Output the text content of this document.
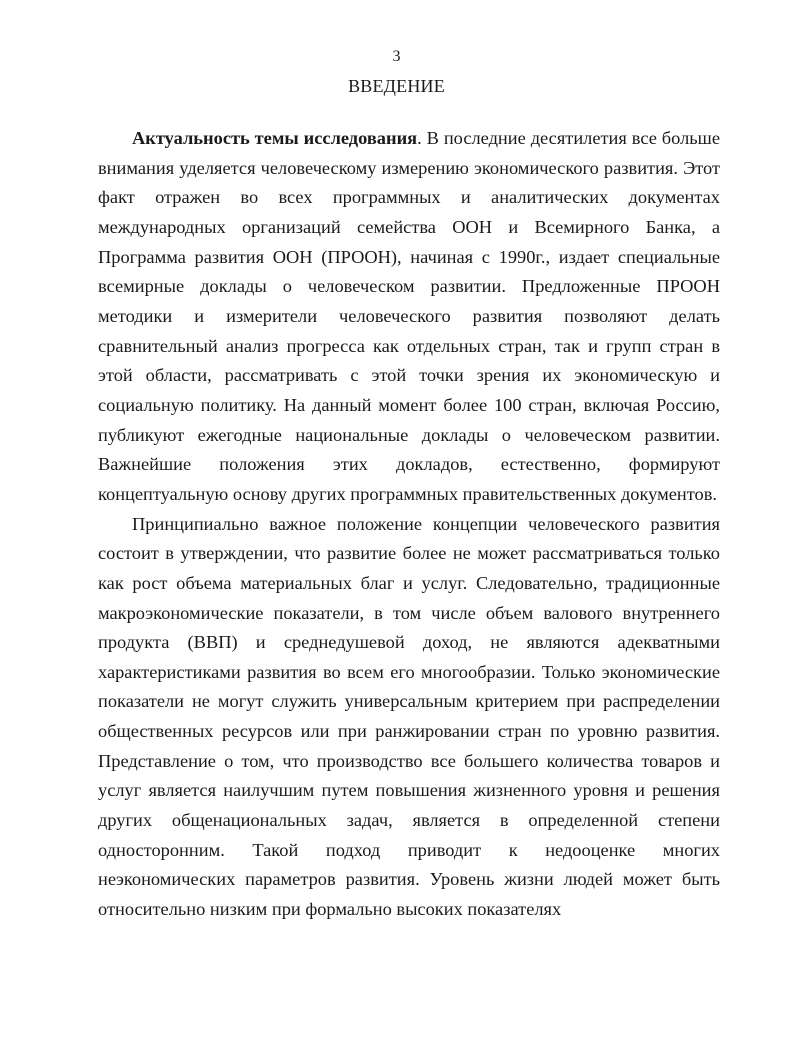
3
ВВЕДЕНИЕ

Актуальность темы исследования. В последние десятилетия все больше внимания уделяется человеческому измерению экономического развития. Этот факт отражен во всех программных и аналитических документах международных организаций семейства ООН и Всемирного Банка, а Программа развития ООН (ПРООН), начиная с 1990г., издает специальные всемирные доклады о человеческом развитии. Предложенные ПРООН методики и измерители человеческого развития позволяют делать сравнительный анализ прогресса как отдельных стран, так и групп стран в этой области, рассматривать с этой точки зрения их экономическую и социальную политику. На данный момент более 100 стран, включая Россию, публикуют ежегодные национальные доклады о человеческом развитии. Важнейшие положения этих докладов, естественно, формируют концептуальную основу других программных правительственных документов.

Принципиально важное положение концепции человеческого развития состоит в утверждении, что развитие более не может рассматриваться только как рост объема материальных благ и услуг. Следовательно, традиционные макроэкономические показатели, в том числе объем валового внутреннего продукта (ВВП) и среднедушевой доход, не являются адекватными характеристиками развития во всем его многообразии. Только экономические показатели не могут служить универсальным критерием при распределении общественных ресурсов или при ранжировании стран по уровню развития. Представление о том, что производство все большего количества товаров и услуг является наилучшим путем повышения жизненного уровня и решения других общенациональных задач, является в определенной степени односторонним. Такой подход приводит к недооценке многих неэкономических параметров развития. Уровень жизни людей может быть относительно низким при формально высоких показателях
